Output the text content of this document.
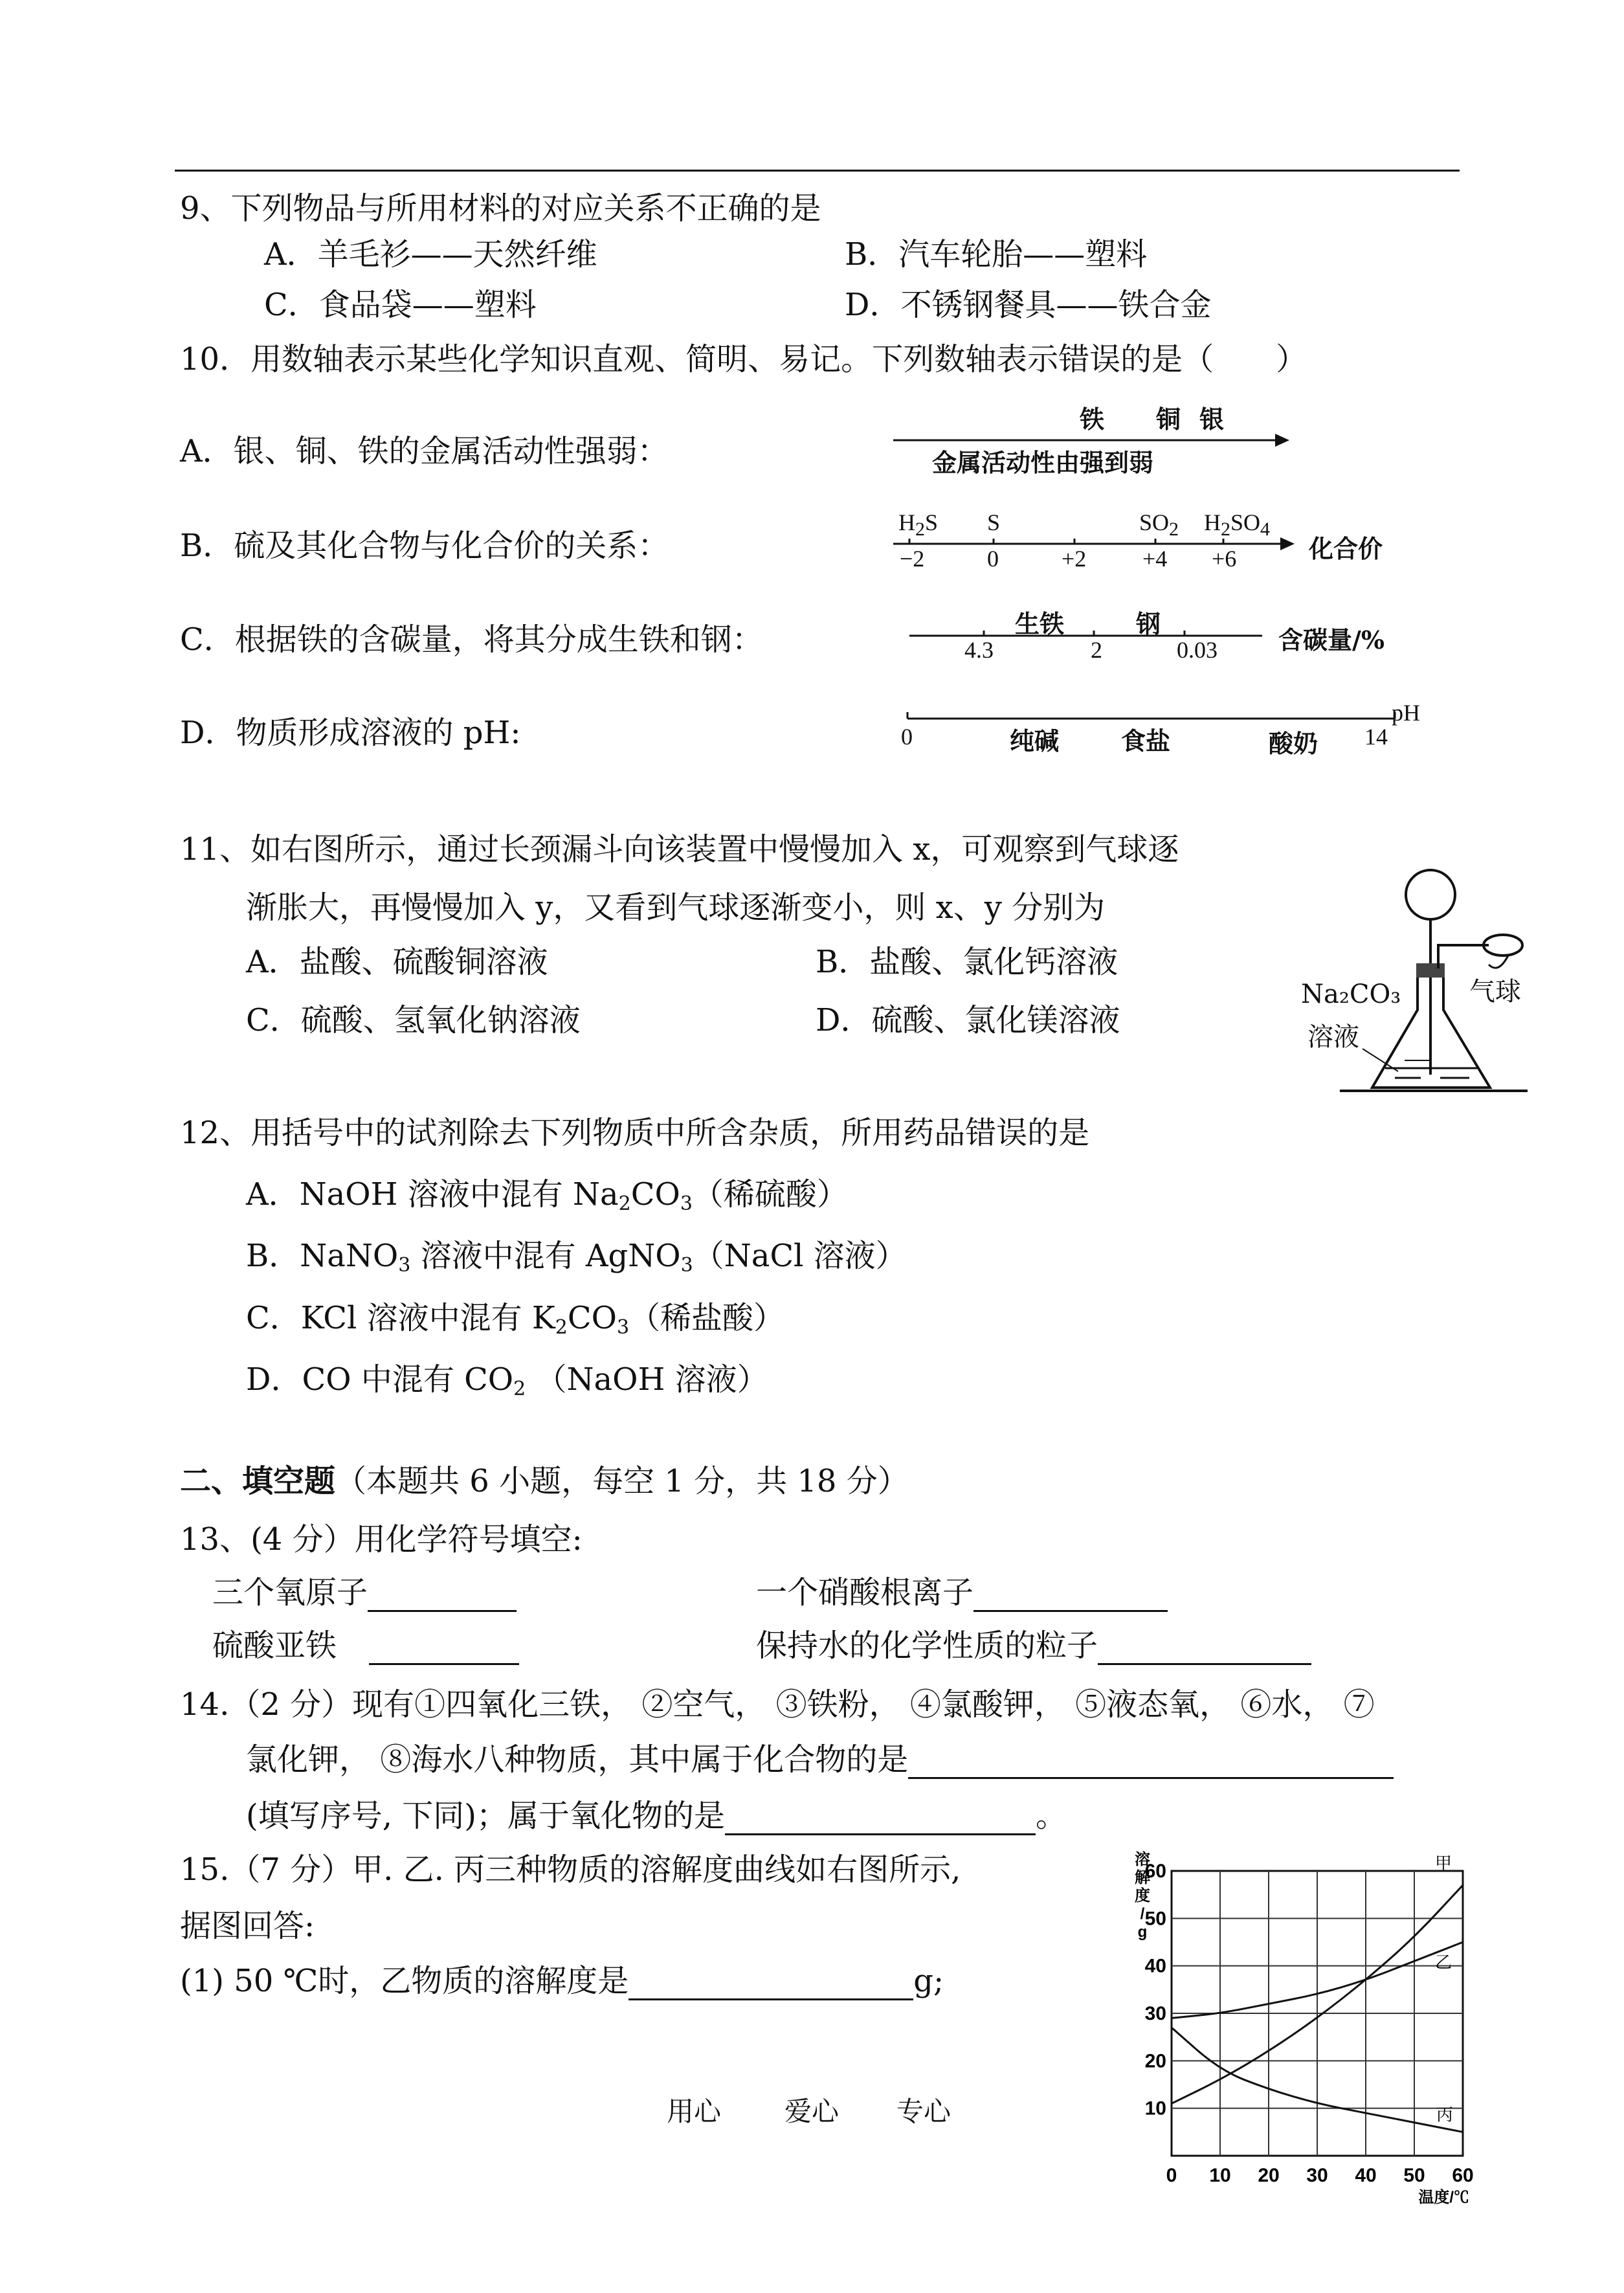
9、下列物品与所用材料的对应关系不正确的是
A．羊毛衫——天然纤维	B．汽车轮胎——塑料
C．食品袋——塑料	D．不锈钢餐具——铁合金
10．用数轴表示某些化学知识直观、简明、易记。下列数轴表示错误的是（　　）
A．银、铜、铁的金属活动性强弱：
铁 铜 银
金属活动性由强到弱
B．硫及其化合物与化合价的关系：
$H_2S$ S	$SO_2$ $H_2SO_4$
−2	0	+2 +4 +6	化合价
C．根据铁的含碳量，将其分成生铁和钢：	生铁	钢
4.3	2	0.03 含碳量/%
D．物质形成溶液的 pH:	0	纯碱	食盐	酸奶 14
pH
11、如右图所示，通过长颈漏斗向该装置中慢慢加入 x，可观察到气球逐
渐胀大，再慢慢加入 y，又看到气球逐渐变小，则 x、y 分别为
A．盐酸、硫酸铜溶液	B．盐酸、氯化钙溶液
C．硫酸、氢氧化钠溶液	D．硫酸、氯化镁溶液
Na₂CO₃
溶液
气球
12、用括号中的试剂除去下列物质中所含杂质，所用药品错误的是
A．NaOH 溶液中混有 $Na_2CO_3$（稀硫酸）
B．NaNO$_3$ 溶液中混有 AgNO$_3$（NaCl 溶液）
C．KCl 溶液中混有 $K_2CO_3$（稀盐酸）
D．CO 中混有 $CO_2$ （NaOH 溶液）
二、填空题（本题共 6 小题，每空 1 分，共 18 分）
13、(4 分）用化学符号填空:
三个氧原子	一个硝酸根离子
硫酸亚铁	保持水的化学性质的粒子
14.（2 分）现有①四氧化三铁， ②空气， ③铁粉， ④氯酸钾， ⑤液态氧， ⑥水， ⑦
氯化钾， ⑧海水八种物质，其中属于化合物的是
(填写序号, 下同)；属于氧化物的是	。
15.（7 分）甲. 乙. 丙三种物质的溶解度曲线如右图所示,
据图回答:
(1) 50 ℃时，乙物质的溶解度是	g;
用心 爱心 专心
0 10 20 30 40 50 60
10
20
30
40
50
60
溶
解
度
/
g
温度/℃
甲
乙
丙
